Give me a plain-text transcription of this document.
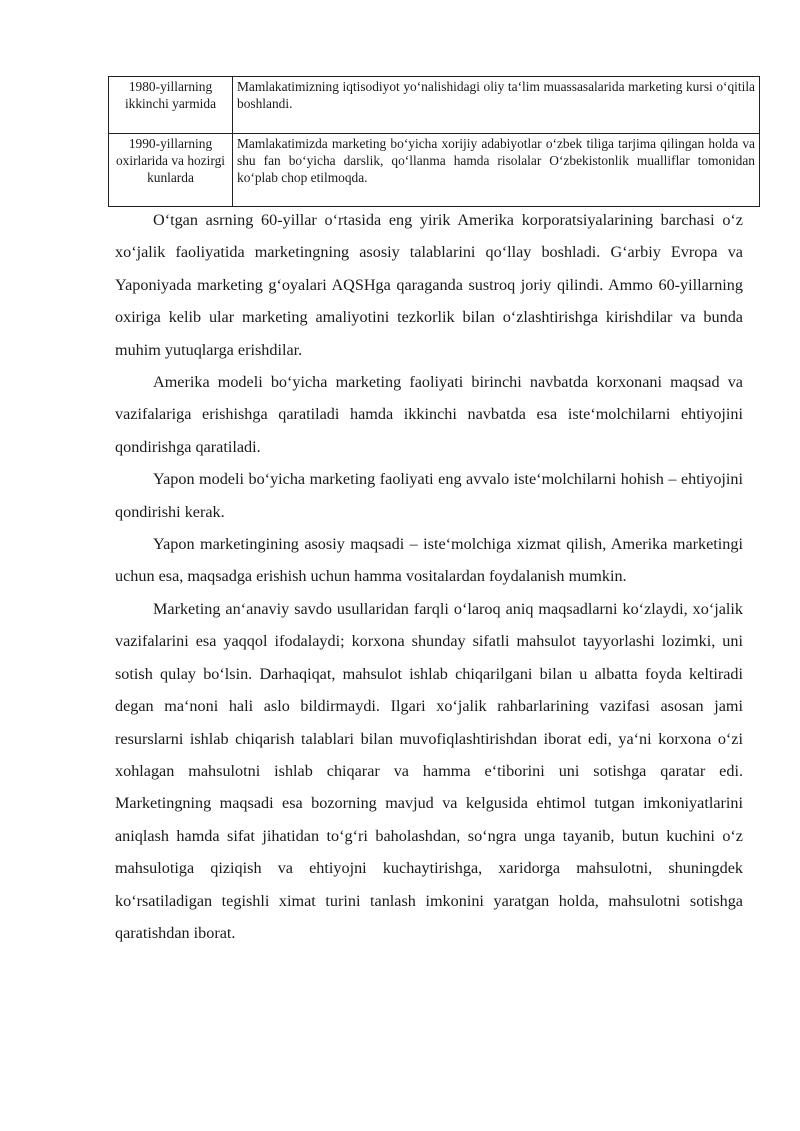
1980-yillarning ikkinchi yarmida	Mamlakatimizning iqtisodiyot yo‘nalishidagi oliy ta‘lim muassasalarida marketing kursi o‘qitila boshlandi.
1990-yillarning oxirlarida va hozirgi kunlarda	Mamlakatimizda marketing bo‘yicha xorijiy adabiyotlar o‘zbek tiliga tarjima qilingan holda va shu fan bo‘yicha darslik, qo‘llanma hamda risolalar O‘zbekistonlik mualliflar tomonidan ko‘plab chop etilmoqda.

O‘tgan asrning 60-yillar o‘rtasida eng yirik Amerika korporatsiyalarining barchasi o‘z xo‘jalik faoliyatida marketingning asosiy talablarini qo‘llay boshladi. G‘arbiy Evropa va Yaponiyada marketing g‘oyalari AQSHga qaraganda sustroq joriy qilindi. Ammo 60-yillarning oxiriga kelib ular marketing amaliyotini tezkorlik bilan o‘zlashtirishga kirishdilar va bunda muhim yutuqlarga erishdilar.

Amerika modeli bo‘yicha marketing faoliyati birinchi navbatda korxonani maqsad va vazifalariga erishishga qaratiladi hamda ikkinchi navbatda esa iste‘molchilarni ehtiyojini qondirishga qaratiladi.

Yapon modeli bo‘yicha marketing faoliyati eng avvalo iste‘molchilarni hohish – ehtiyojini qondirishi kerak.

Yapon marketingining asosiy maqsadi – iste‘molchiga xizmat qilish, Amerika marketingi uchun esa, maqsadga erishish uchun hamma vositalardan foydalanish mumkin.

Marketing an‘anaviy savdo usullaridan farqli o‘laroq aniq maqsadlarni ko‘zlaydi, xo‘jalik vazifalarini esa yaqqol ifodalaydi; korxona shunday sifatli mahsulot tayyorlashi lozimki, uni sotish qulay bo‘lsin. Darhaqiqat, mahsulot ishlab chiqarilgani bilan u albatta foyda keltiradi degan ma‘noni hali aslo bildirmaydi. Ilgari xo‘jalik rahbarlarining vazifasi asosan jami resurslarni ishlab chiqarish talablari bilan muvofiqlashtirishdan iborat edi, ya‘ni korxona o‘zi xohlagan mahsulotni ishlab chiqarar va hamma e‘tiborini uni sotishga qaratar edi. Marketingning maqsadi esa bozorning mavjud va kelgusida ehtimol tutgan imkoniyatlarini aniqlash hamda sifat jihatidan to‘g‘ri baholashdan, so‘ngra unga tayanib, butun kuchini o‘z mahsulotiga qiziqish va ehtiyojni kuchaytirishga, xaridorga mahsulotni, shuningdek ko‘rsatiladigan tegishli ximat turini tanlash imkonini yaratgan holda, mahsulotni sotishga qaratishdan iborat.
